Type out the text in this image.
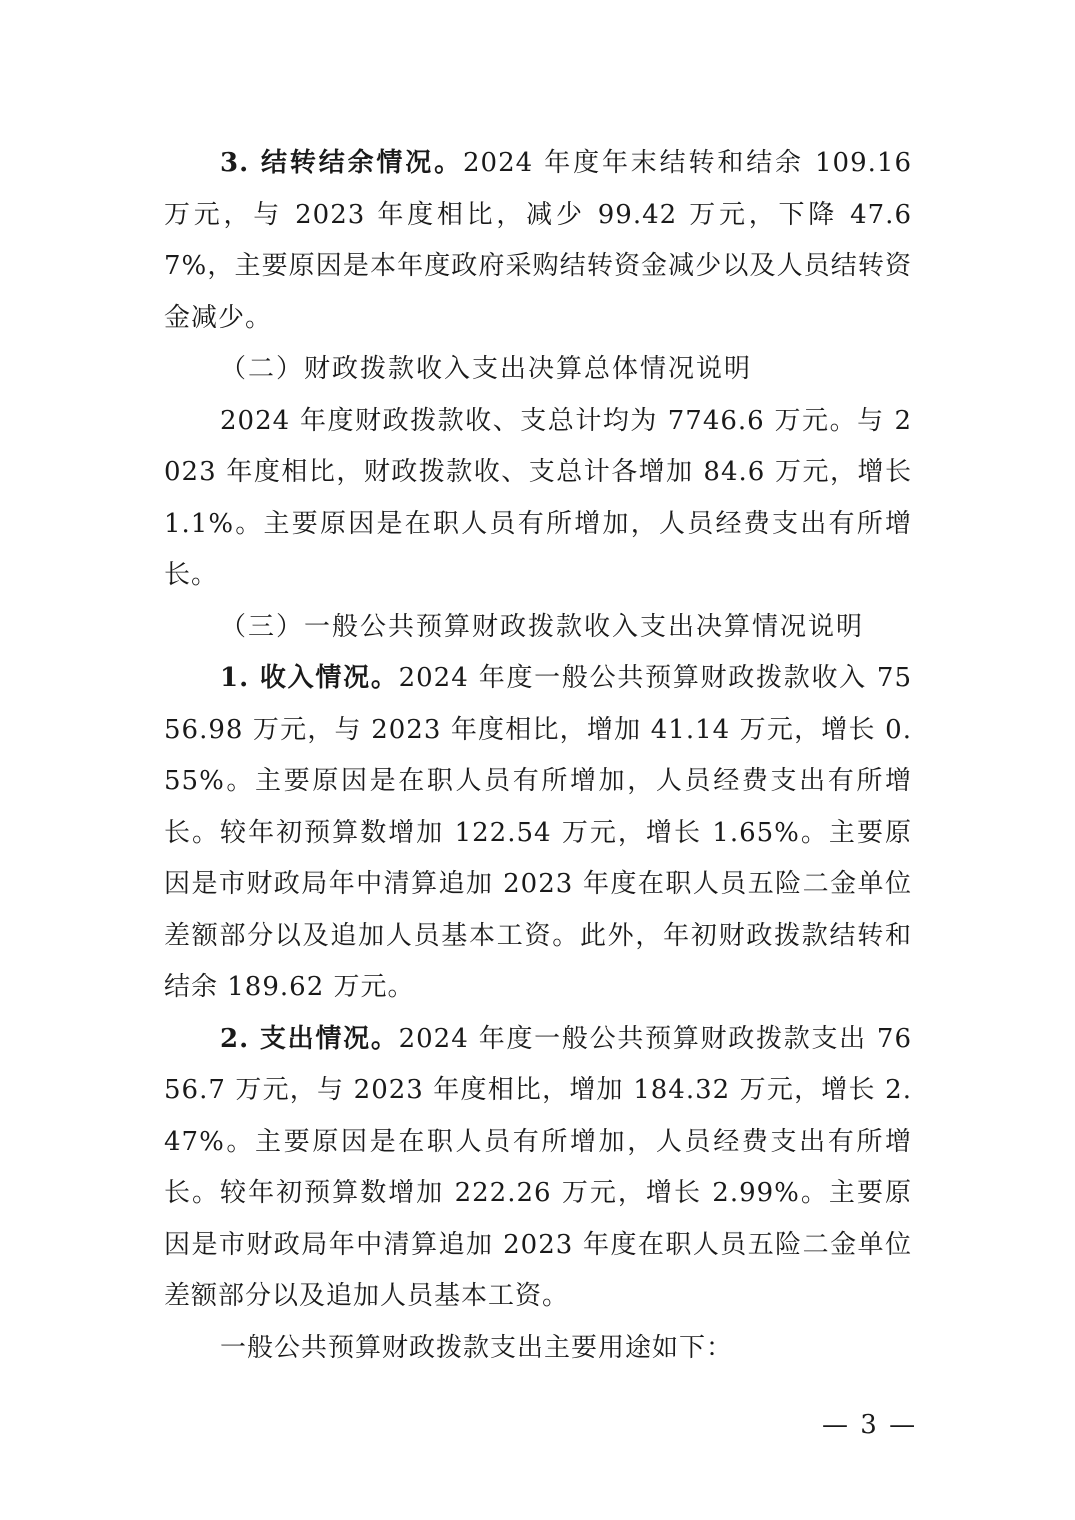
3. 结转结余情况。2024 年度年末结转和结余 109.16 万元，与 2023 年度相比，减少 99.42 万元，下降 47.67%，主要原因是本年度政府采购结转资金减少以及人员结转资金减少。

（二）财政拨款收入支出决算总体情况说明

2024 年度财政拨款收、支总计均为 7746.6 万元。与 2023 年度相比，财政拨款收、支总计各增加 84.6 万元，增长 1.1%。主要原因是在职人员有所增加，人员经费支出有所增长。

（三）一般公共预算财政拨款收入支出决算情况说明

1. 收入情况。2024 年度一般公共预算财政拨款收入 7556.98 万元，与 2023 年度相比，增加 41.14 万元，增长 0.55%。主要原因是在职人员有所增加，人员经费支出有所增长。较年初预算数增加 122.54 万元，增长 1.65%。主要原因是市财政局年中清算追加 2023 年度在职人员五险二金单位差额部分以及追加人员基本工资。此外，年初财政拨款结转和结余 189.62 万元。

2. 支出情况。2024 年度一般公共预算财政拨款支出 7656.7 万元，与 2023 年度相比，增加 184.32 万元，增长 2.47%。主要原因是在职人员有所增加，人员经费支出有所增长。较年初预算数增加 222.26 万元，增长 2.99%。主要原因是市财政局年中清算追加 2023 年度在职人员五险二金单位差额部分以及追加人员基本工资。

一般公共预算财政拨款支出主要用途如下：

— 3 —
